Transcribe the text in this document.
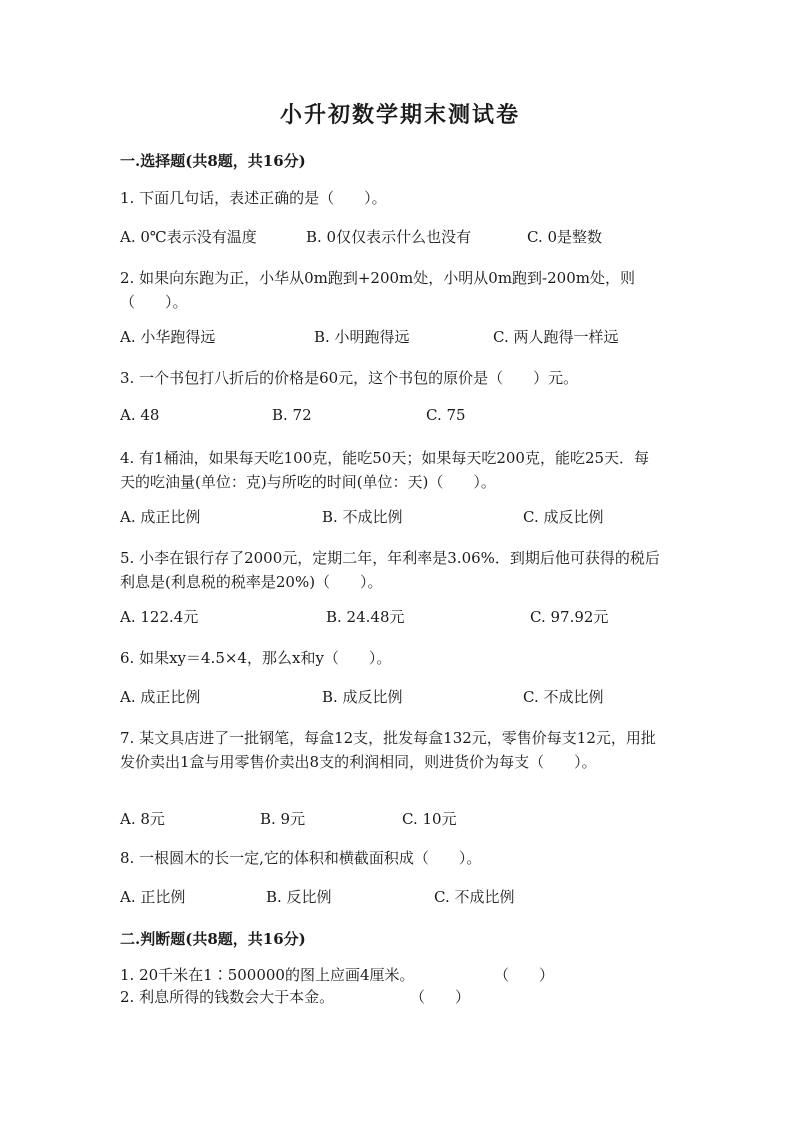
小升初数学期末测试卷
一.选择题(共8题，共16分)
1. 下面几句话，表述正确的是（　　）。
A. 0℃表示没有温度	B. 0仅仅表示什么也没有	C. 0是整数
2. 如果向东跑为正，小华从0m跑到+200m处，小明从0m跑到-200m处，则（　　）。
A. 小华跑得远	B. 小明跑得远	C. 两人跑得一样远
3. 一个书包打八折后的价格是60元，这个书包的原价是（　　）元。
A. 48	B. 72	C. 75
4. 有1桶油，如果每天吃100克，能吃50天；如果每天吃200克，能吃25天．每天的吃油量(单位：克)与所吃的时间(单位：天)（　　）。
A. 成正比例	B. 不成比例	C. 成反比例
5. 小李在银行存了2000元，定期二年，年利率是3.06%．到期后他可获得的税后利息是(利息税的税率是20%)（　　）。
A. 122.4元	B. 24.48元	C. 97.92元
6. 如果xy＝4.5×4，那么x和y（　　）。
A. 成正比例	B. 成反比例	C. 不成比例
7. 某文具店进了一批钢笔，每盒12支，批发每盒132元，零售价每支12元，用批发价卖出1盒与用零售价卖出8支的利润相同，则进货价为每支（　　）。
A. 8元	B. 9元	C. 10元
8. 一根圆木的长一定,它的体积和横截面积成（　　）。
A. 正比例	B. 反比例	C. 不成比例
二.判断题(共8题，共16分)
1. 20千米在1∶500000的图上应画4厘米。	（　　）
2. 利息所得的钱数会大于本金。	（　　）
